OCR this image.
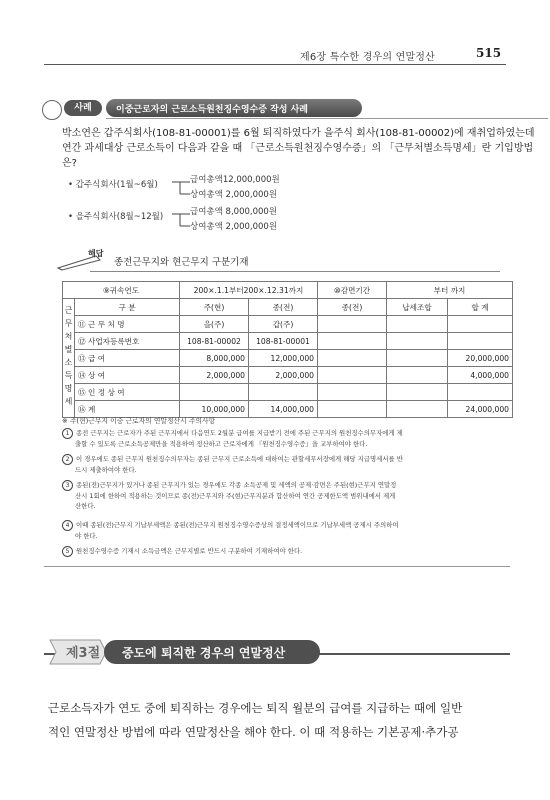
제6장 특수한 경우의 연말정산	515
사례	이중근로자의 근로소득원천징수영수증 작성 사례
박소연은 갑주식회사(108-81-00001)를 6월 퇴직하였다가 을주식 회사(108-81-00002)에 재취업하였는데
연간 과세대상 근로소득이 다음과 같을 때 「근로소득원천징수영수증」의 「근무처별소득명세」란 기입방법
은?
• 갑주식회사(1월~6월)	급여총액12,000,000원
상여총액 2,000,000원
• 을주식회사(8월~12월)	급여총액 8,000,000원
상여총액 2,000,000원
해답
종전근무지와 현근무지 구분기재
⑨귀속연도		200×.1.1부터200×.12.31까지		⑩감면기간	부터 까지	

근무처별소득명세	구 분	주(현)	종(전)	종(전)	납세조합	합 계
	⑪ 근 무 처 명	을(주)	갑(주)			
	⑫ 사업자등록번호	108-81-00002	108-81-00001			
	⑬ 급 여	8,000,000	12,000,000			20,000,000
	⑭ 상 여	2,000,000	2,000,000			4,000,000
	⑮ 인 정 상 여					
	⑯ 계	10,000,000	14,000,000			24,000,000
※ 주(현)근무지 이중 근로자의 연말정산시 주의사항
1 종전 근무지는 근로자가 주된 근무지에서 다음연도 2월분 급여를 지급받기 전에 주된 근무지의 원천징수의무자에게 제
출할 수 있도록 근로소득공제만을 적용하여 정산하고 근로자에게 『원천징수영수증』을 교부하여야 한다.
2 이 경우에도 종된 근무지 원천징수의무자는 종된 근무지 근로소득에 대하여는 관할세무서장에게 해당 지급명세서를 반
드시 제출하여야 한다.
3 종된(전)근무지가 있거나 종된 근무지가 있는 경우에도 각종 소득공제 및 세액의 공제·감면은 주된(현)근무지 연말정
산시 1회에 한하여 적용하는 것이므로 종(전)근무지와 주(현)근무지분과 합산하여 연간 공제한도액 범위내에서 제게
산한다.
4 이때 종된(전)근무지 기납부세액은 종된(전)근무지 원천징수영수증상의 결정세액이므로 기납부세액 공제시 주의하여
야 한다.
5 원천징수영수증 기재시 소득금액은 근무지별로 반드시 구분하여 기재하여야 한다.
제3절 중도에 퇴직한 경우의 연말정산
근로소득자가 연도 중에 퇴직하는 경우에는 퇴직 월분의 급여를 지급하는 때에 일반
적인 연말정산 방법에 따라 연말정산을 해야 한다. 이 때 적용하는 기본공제·추가공
